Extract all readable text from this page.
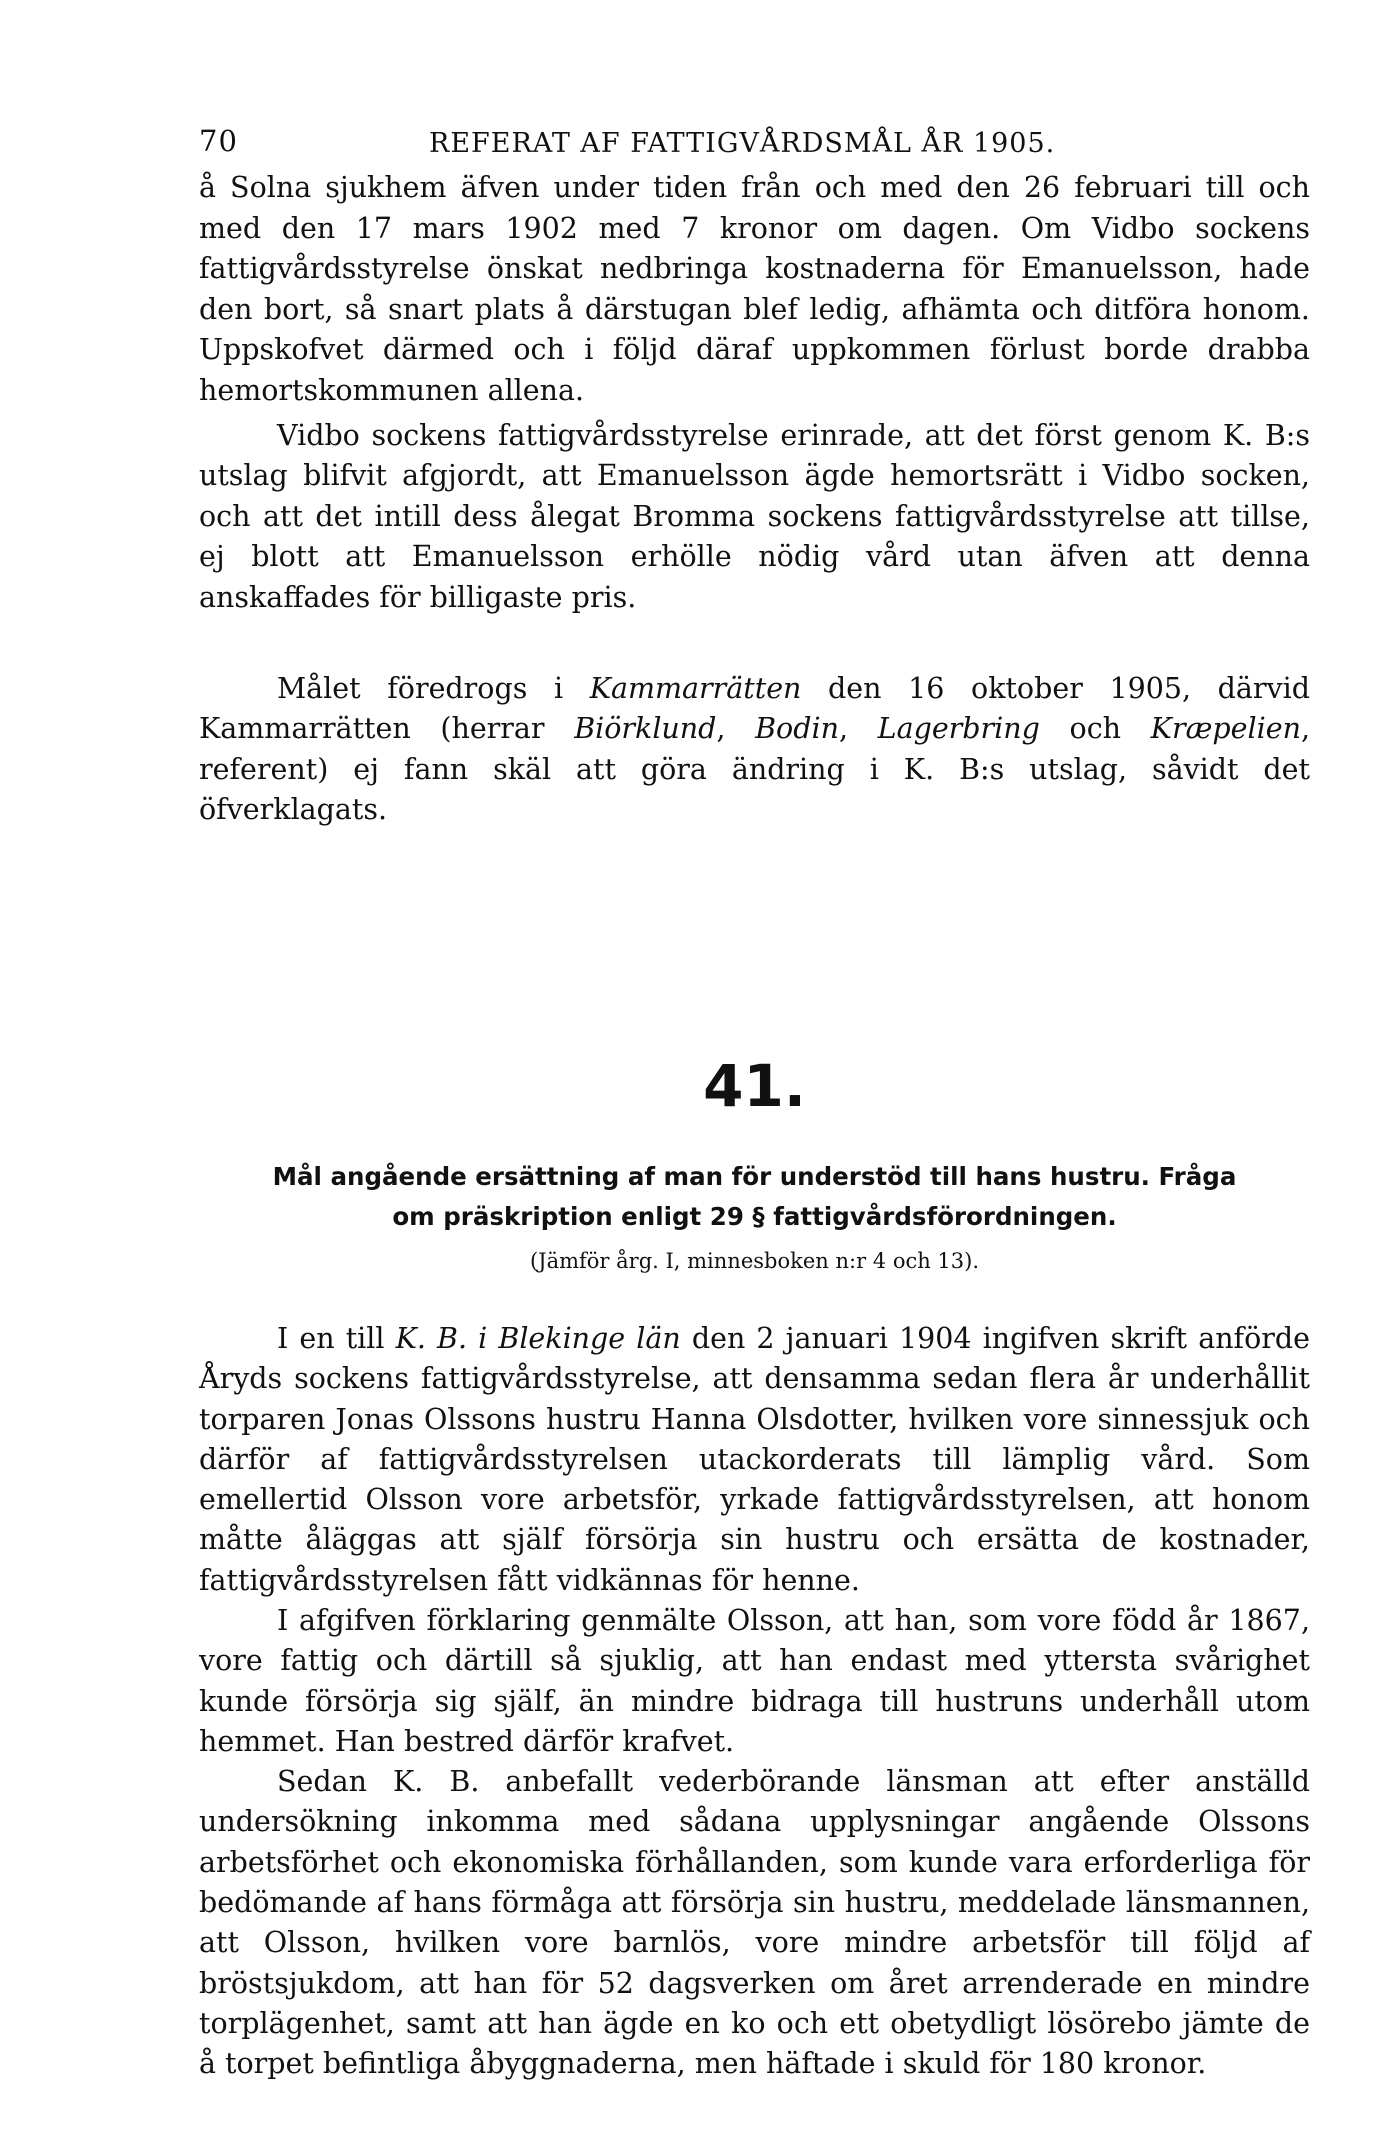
70	REFERAT AF FATTIGVÅRDSMÅL ÅR 1905.

å Solna sjukhem äfven under tiden från och med den 26 februari till och med den 17 mars 1902 med 7 kronor om dagen. Om Vidbo sockens fattigvårdsstyrelse önskat nedbringa kostnaderna för Emanuelsson, hade den bort, så snart plats å därstugan blef ledig, afhämta och ditföra honom. Uppskofvet därmed och i följd däraf uppkommen förlust borde drabba hemortskommunen allena.

Vidbo sockens fattigvårdsstyrelse erinrade, att det först genom K. B:s utslag blifvit afgjordt, att Emanuelsson ägde hemortsrätt i Vidbo socken, och att det intill dess ålegat Bromma sockens fattigvårdsstyrelse att tillse, ej blott att Emanuelsson erhölle nödig vård utan äfven att denna anskaffades för billigaste pris.

Målet föredrogs i Kammarrätten den 16 oktober 1905, därvid Kammarrätten (herrar Biörklund, Bodin, Lagerbring och Kræpelien, referent) ej fann skäl att göra ändring i K. B:s utslag, såvidt det öfverklagats.

41.
Mål angående ersättning af man för understöd till hans hustru. Fråga
om präskription enligt 29 § fattigvårdsförordningen.
(Jämför årg. I, minnesboken n:r 4 och 13).

I en till K. B. i Blekinge län den 2 januari 1904 ingifven skrift anförde Åryds sockens fattigvårdsstyrelse, att densamma sedan flera år underhållit torparen Jonas Olssons hustru Hanna Olsdotter, hvilken vore sinnessjuk och därför af fattigvårdsstyrelsen utackorderats till lämplig vård. Som emellertid Olsson vore arbetsför, yrkade fattigvårdsstyrelsen, att honom måtte åläggas att själf försörja sin hustru och ersätta de kostnader, fattigvårdsstyrelsen fått vidkännas för henne.

I afgifven förklaring genmälte Olsson, att han, som vore född år 1867, vore fattig och därtill så sjuklig, att han endast med yttersta svårighet kunde försörja sig själf, än mindre bidraga till hustruns underhåll utom hemmet. Han bestred därför krafvet.

Sedan K. B. anbefallt vederbörande länsman att efter anställd undersökning inkomma med sådana upplysningar angående Olssons arbetsförhet och ekonomiska förhållanden, som kunde vara erforderliga för bedömande af hans förmåga att försörja sin hustru, meddelade länsmannen, att Olsson, hvilken vore barnlös, vore mindre arbetsför till följd af bröstsjukdom, att han för 52 dagsverken om året arrenderade en mindre torplägenhet, samt att han ägde en ko och ett obetydligt lösörebo jämte de å torpet befintliga åbyggnaderna, men häftade i skuld för 180 kronor.
